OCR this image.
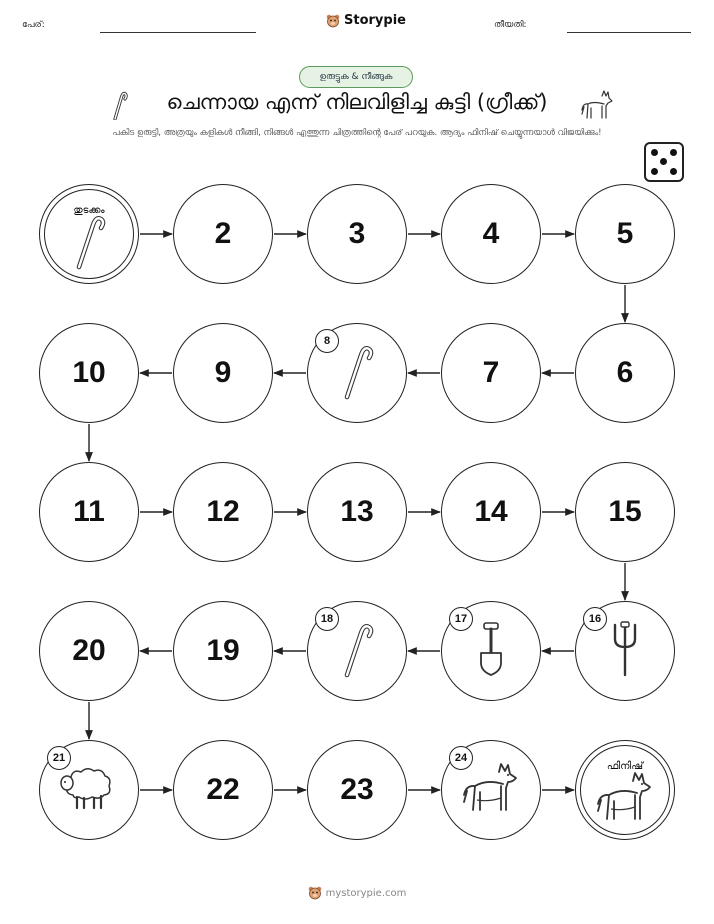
പേര്:	Storypie	തീയതി:
ഉരുട്ടുക & നീങ്ങുക
ചെന്നായ എന്ന് നിലവിളിച്ച കുട്ടി (ഗ്രീക്ക്)
പകിട ഉരുട്ടി, അത്രയും കളികൾ നീങ്ങി, നിങ്ങൾ എത്തുന്ന ചിത്രത്തിന്റെ പേര് പറയുക. ആദ്യം ഫിനിഷ് ചെയ്യുന്നയാൾ വിജയിക്കും!
തുടക്കം
2	3	4	5
6
7
8
9
10
11	12	13	14	15
16
17
18
19
20
21
22	23
24
ഫിനിഷ്
mystorypie.com
